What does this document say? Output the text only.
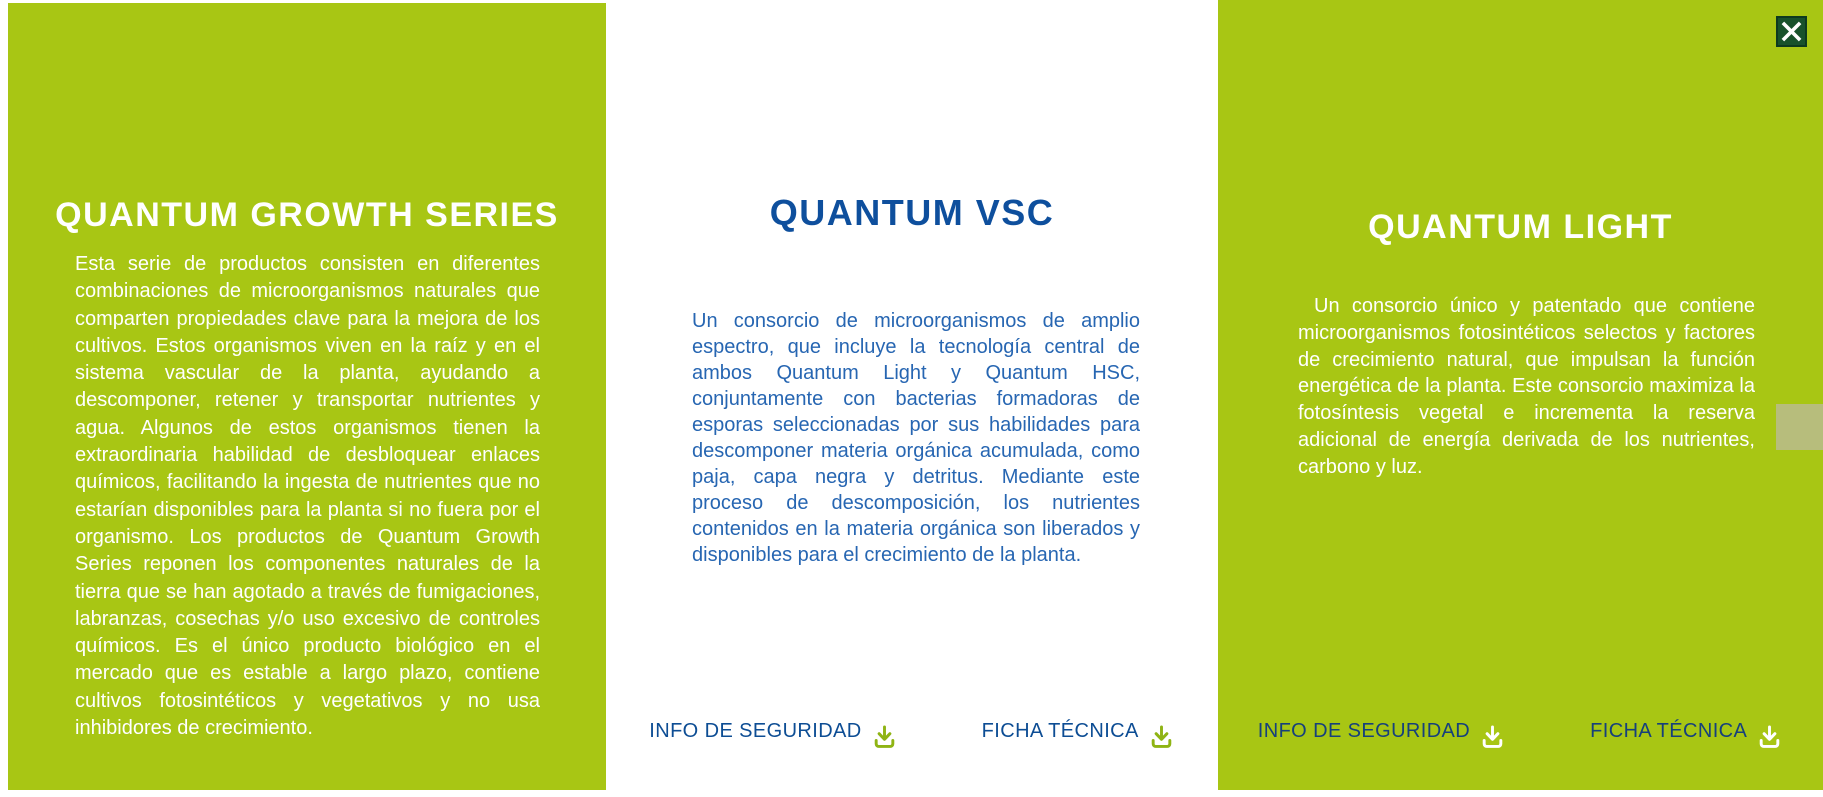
QUANTUM GROWTH SERIES

Esta serie de productos consisten en diferentes combinaciones de microorganismos naturales que comparten propiedades clave para la mejora de los cultivos. Estos organismos viven en la raíz y en el sistema vascular de la planta, ayudando a descomponer, retener y transportar nutrientes y agua. Algunos de estos organismos tienen la extraordinaria habilidad de desbloquear enlaces químicos, facilitando la ingesta de nutrientes que no estarían disponibles para la planta si no fuera por el organismo. Los productos de Quantum Growth Series reponen los componentes naturales de la tierra que se han agotado a través de fumigaciones, labranzas, cosechas y/o uso excesivo de controles químicos. Es el único producto biológico en el mercado que es estable a largo plazo, contiene cultivos fotosintéticos y vegetativos y no usa inhibidores de crecimiento.

QUANTUM VSC

Un consorcio de microorganismos de amplio espectro, que incluye la tecnología central de ambos Quantum Light y Quantum HSC, conjuntamente con bacterias formadoras de esporas seleccionadas por sus habilidades para descomponer materia orgánica acumulada, como paja, capa negra y detritus. Mediante este proceso de descomposición, los nutrientes contenidos en la materia orgánica son liberados y disponibles para el crecimiento de la planta.

INFO DE SEGURIDAD	FICHA TÉCNICA
QUANTUM LIGHT

Un consorcio único y patentado que contiene microorganismos fotosintéticos selectos y factores de crecimiento natural, que impulsan la función energética de la planta. Este consorcio maximiza la fotosíntesis vegetal e incrementa la reserva adicional de energía derivada de los nutrientes, carbono y luz.

INFO DE SEGURIDAD	FICHA TÉCNICA
